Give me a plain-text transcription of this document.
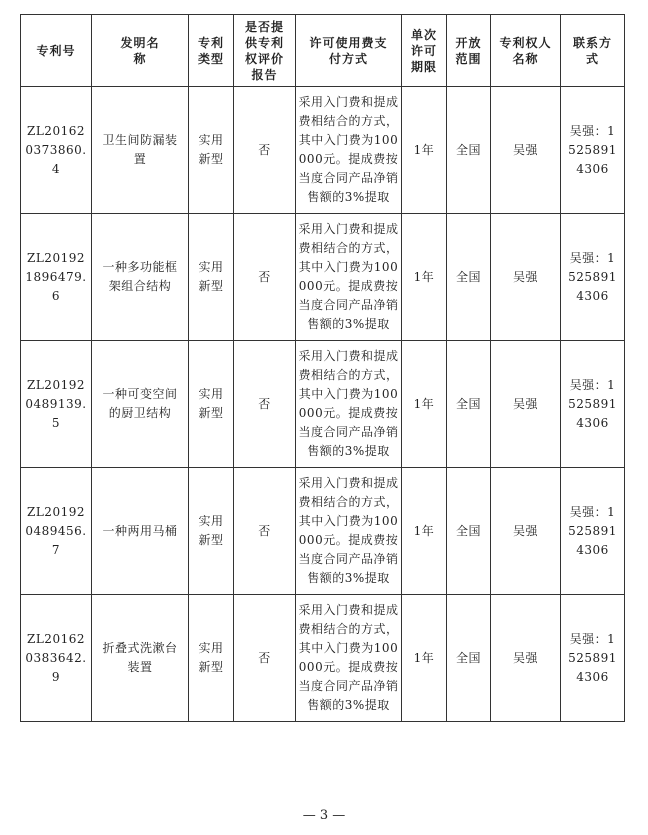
专利号	发明名称	专利类型	是否提供专利权评价报告	许可使用费支付方式	单次许可期限	开放范围	专利权人名称	联系方式
ZL201620373860.4	卫生间防漏装置	实用新型	否	采用入门费和提成费相结合的方式，其中入门费为100000元。提成费按当度合同产品净销售额的3%提取	1年	全国	吴强	吴强：15258914306
ZL201921896479.6	一种多功能框架组合结构	实用新型	否	采用入门费和提成费相结合的方式，其中入门费为100000元。提成费按当度合同产品净销售额的3%提取	1年	全国	吴强	吴强：15258914306
ZL201920489139.5	一种可变空间的厨卫结构	实用新型	否	采用入门费和提成费相结合的方式，其中入门费为100000元。提成费按当度合同产品净销售额的3%提取	1年	全国	吴强	吴强：15258914306
ZL201920489456.7	一种两用马桶	实用新型	否	采用入门费和提成费相结合的方式，其中入门费为100000元。提成费按当度合同产品净销售额的3%提取	1年	全国	吴强	吴强：15258914306
ZL201620383642.9	折叠式洗漱台装置	实用新型	否	采用入门费和提成费相结合的方式，其中入门费为100000元。提成费按当度合同产品净销售额的3%提取	1年	全国	吴强	吴强：15258914306
— 3 —
